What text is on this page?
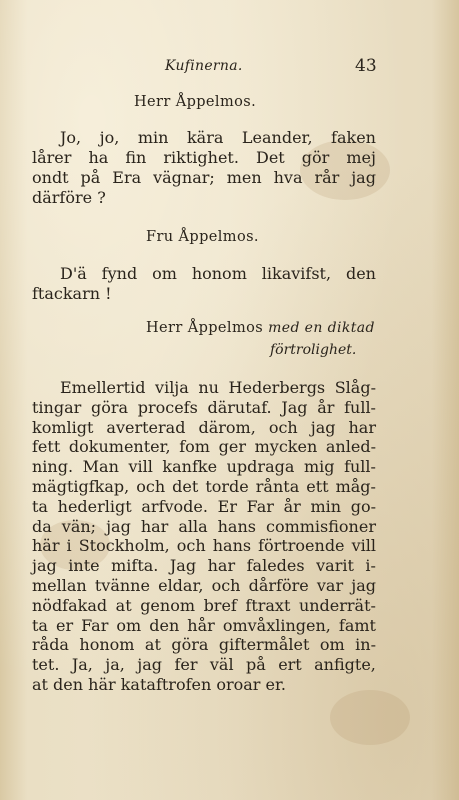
Kufinerna.	43
Herr Åppelmos.
Jo, jo, min kära Leander, faken
lårer ha fin riktighet. Det gör mej
ondt på Era vägnar; men hva rår jag
därföre ?
Fru Åppelmos.
D'ä fynd om honom likavifst, den
ftackarn !
Herr Åppelmos med en diktad
förtrolighet.
Emellertid vilja nu Hederbergs Slåg-
tingar göra procefs därutaf. Jag år full-
komligt averterad därom, och jag har
fett dokumenter, fom ger mycken anled-
ning. Man vill kanfke updraga mig full-
mägtigfkap, och det torde rånta ett måg-
ta hederligt arfvode. Er Far år min go-
da vän; jag har alla hans commisfioner
här i Stockholm, och hans förtroende vill
jag inte mifta. Jag har faledes varit i-
mellan tvänne eldar, och dårföre var jag
nödfakad at genom bref ftraxt underrät-
ta er Far om den hår omvåxlingen, famt
råda honom at göra giftermålet om in-
tet. Ja, ja, jag fer väl på ert anfigte,
at den här kataftrofen oroar er.
